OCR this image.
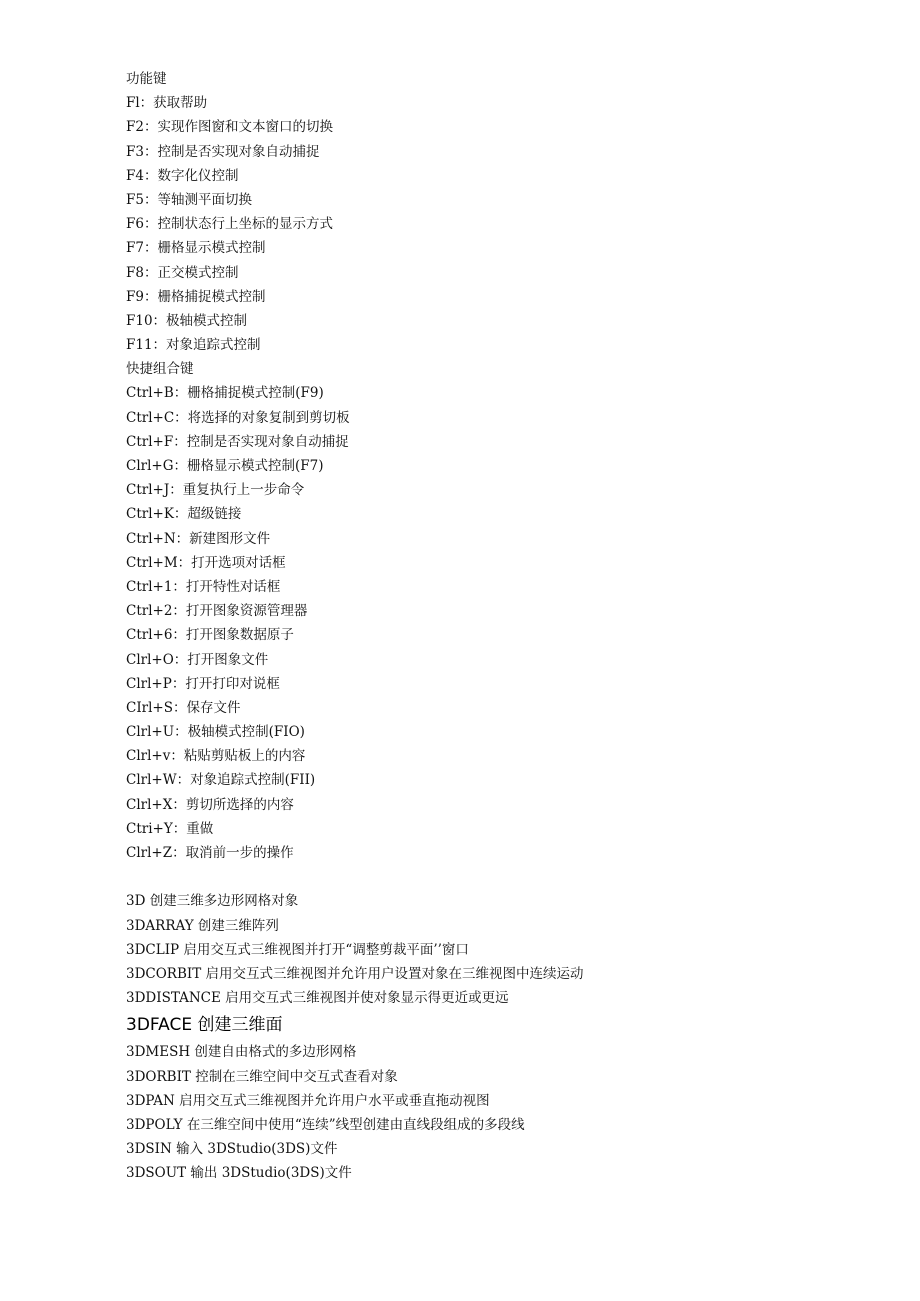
功能键
Fl：获取帮助
F2：实现作图窗和文本窗口的切换
F3：控制是否实现对象自动捕捉
F4：数字化仪控制
F5：等轴测平面切换
F6：控制状态行上坐标的显示方式
F7：栅格显示模式控制
F8：正交模式控制
F9：栅格捕捉模式控制
F10：极轴模式控制
F11：对象追踪式控制
快捷组合键
Ctrl+B：栅格捕捉模式控制(F9)
Ctrl+C：将选择的对象复制到剪切板
Ctrl+F：控制是否实现对象自动捕捉
Clrl+G：栅格显示模式控制(F7)
Ctrl+J：重复执行上一步命令
Ctrl+K：超级链接
Ctrl+N：新建图形文件
Ctrl+M：打开选项对话框
Ctrl+1：打开特性对话框
Ctrl+2：打开图象资源管理器
Ctrl+6：打开图象数据原子
Clrl+O：打开图象文件
Clrl+P：打开打印对说框
CIrl+S：保存文件
Clrl+U：极轴模式控制(FIO)
Clrl+v：粘贴剪贴板上的内容
Clrl+W：对象追踪式控制(FII)
Clrl+X：剪切所选择的内容
Ctri+Y：重做
Clrl+Z：取消前一步的操作
3D 创建三维多边形网格对象
3DARRAY 创建三维阵列
3DCLIP 启用交互式三维视图并打开“调整剪裁平面’’窗口
3DCORBIT 启用交互式三维视图并允许用户设置对象在三维视图中连续运动
3DDISTANCE 启用交互式三维视图并使对象显示得更近或更远
3DFACE 创建三维面
3DMESH 创建自由格式的多边形网格
3DORBIT 控制在三维空间中交互式查看对象
3DPAN 启用交互式三维视图并允许用户水平或垂直拖动视图
3DPOLY 在三维空间中使用“连续”线型创建由直线段组成的多段线
3DSIN 输入 3DStudio(3DS)文件
3DSOUT 输出 3DStudio(3DS)文件
